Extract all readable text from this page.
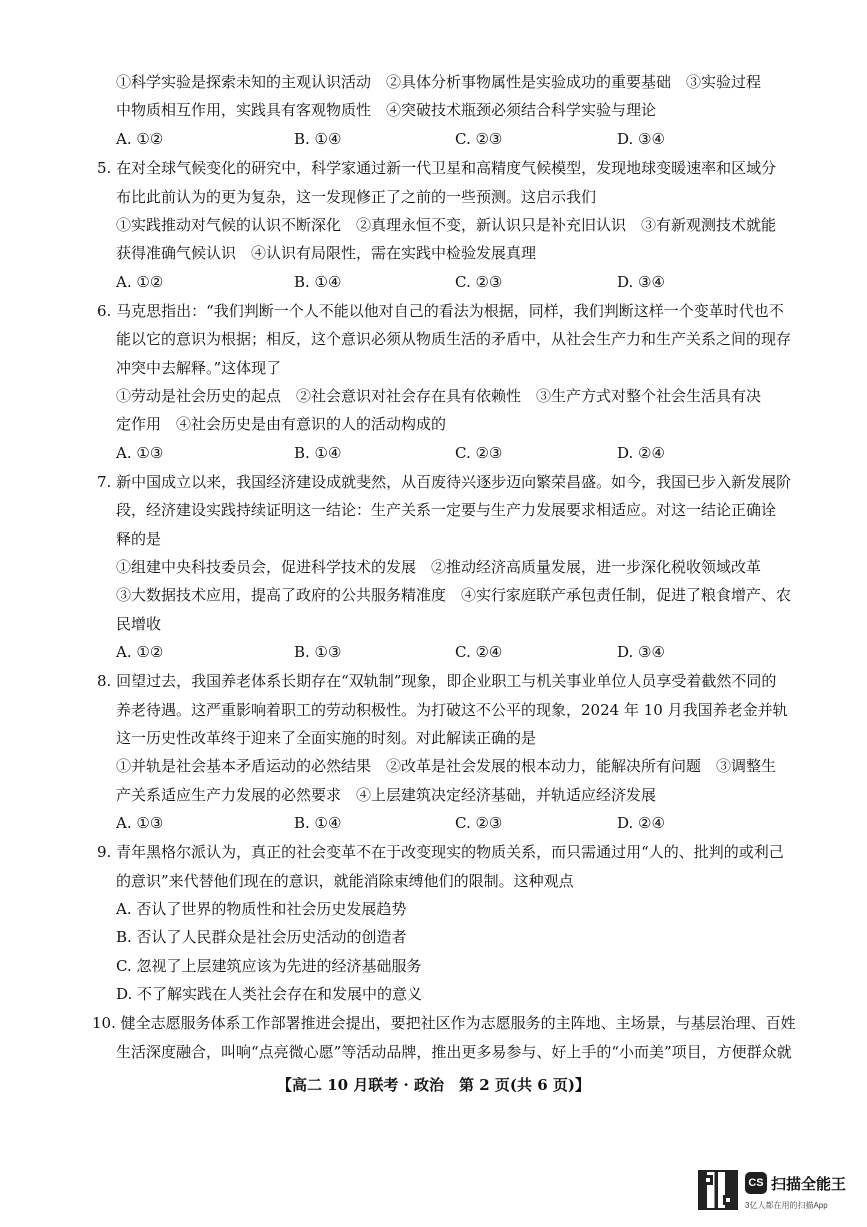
①科学实验是探索未知的主观认识活动　②具体分析事物属性是实验成功的重要基础　③实验过程
中物质相互作用，实践具有客观物质性　④突破技术瓶颈必须结合科学实验与理论
A. ①②	B. ①④	C. ②③	D. ③④
5. 在对全球气候变化的研究中，科学家通过新一代卫星和高精度气候模型，发现地球变暖速率和区域分
布比此前认为的更为复杂，这一发现修正了之前的一些预测。这启示我们
①实践推动对气候的认识不断深化　②真理永恒不变，新认识只是补充旧认识　③有新观测技术就能
获得准确气候认识　④认识有局限性，需在实践中检验发展真理
A. ①②	B. ①④	C. ②③	D. ③④
6. 马克思指出：“我们判断一个人不能以他对自己的看法为根据，同样，我们判断这样一个变革时代也不
能以它的意识为根据；相反，这个意识必须从物质生活的矛盾中，从社会生产力和生产关系之间的现存
冲突中去解释。”这体现了
①劳动是社会历史的起点　②社会意识对社会存在具有依赖性　③生产方式对整个社会生活具有决
定作用　④社会历史是由有意识的人的活动构成的
A. ①③	B. ①④	C. ②③	D. ②④
7. 新中国成立以来，我国经济建设成就斐然，从百废待兴逐步迈向繁荣昌盛。如今，我国已步入新发展阶
段，经济建设实践持续证明这一结论：生产关系一定要与生产力发展要求相适应。对这一结论正确诠
释的是
①组建中央科技委员会，促进科学技术的发展　②推动经济高质量发展，进一步深化税收领域改革
③大数据技术应用，提高了政府的公共服务精准度　④实行家庭联产承包责任制，促进了粮食增产、农
民增收
A. ①②	B. ①③	C. ②④	D. ③④
8. 回望过去，我国养老体系长期存在“双轨制”现象，即企业职工与机关事业单位人员享受着截然不同的
养老待遇。这严重影响着职工的劳动积极性。为打破这不公平的现象，2024 年 10 月我国养老金并轨
这一历史性改革终于迎来了全面实施的时刻。对此解读正确的是
①并轨是社会基本矛盾运动的必然结果　②改革是社会发展的根本动力，能解决所有问题　③调整生
产关系适应生产力发展的必然要求　④上层建筑决定经济基础，并轨适应经济发展
A. ①③	B. ①④	C. ②③	D. ②④
9. 青年黑格尔派认为，真正的社会变革不在于改变现实的物质关系，而只需通过用“人的、批判的或利己
的意识”来代替他们现在的意识，就能消除束缚他们的限制。这种观点
A. 否认了世界的物质性和社会历史发展趋势
B. 否认了人民群众是社会历史活动的创造者
C. 忽视了上层建筑应该为先进的经济基础服务
D. 不了解实践在人类社会存在和发展中的意义
10. 健全志愿服务体系工作部署推进会提出，要把社区作为志愿服务的主阵地、主场景，与基层治理、百姓
生活深度融合，叫响“点亮微心愿”等活动品牌，推出更多易参与、好上手的“小而美”项目，方便群众就
【高二 10 月联考 · 政治　第 2 页(共 6 页)】
CS 扫描全能王
3亿人都在用的扫描App
